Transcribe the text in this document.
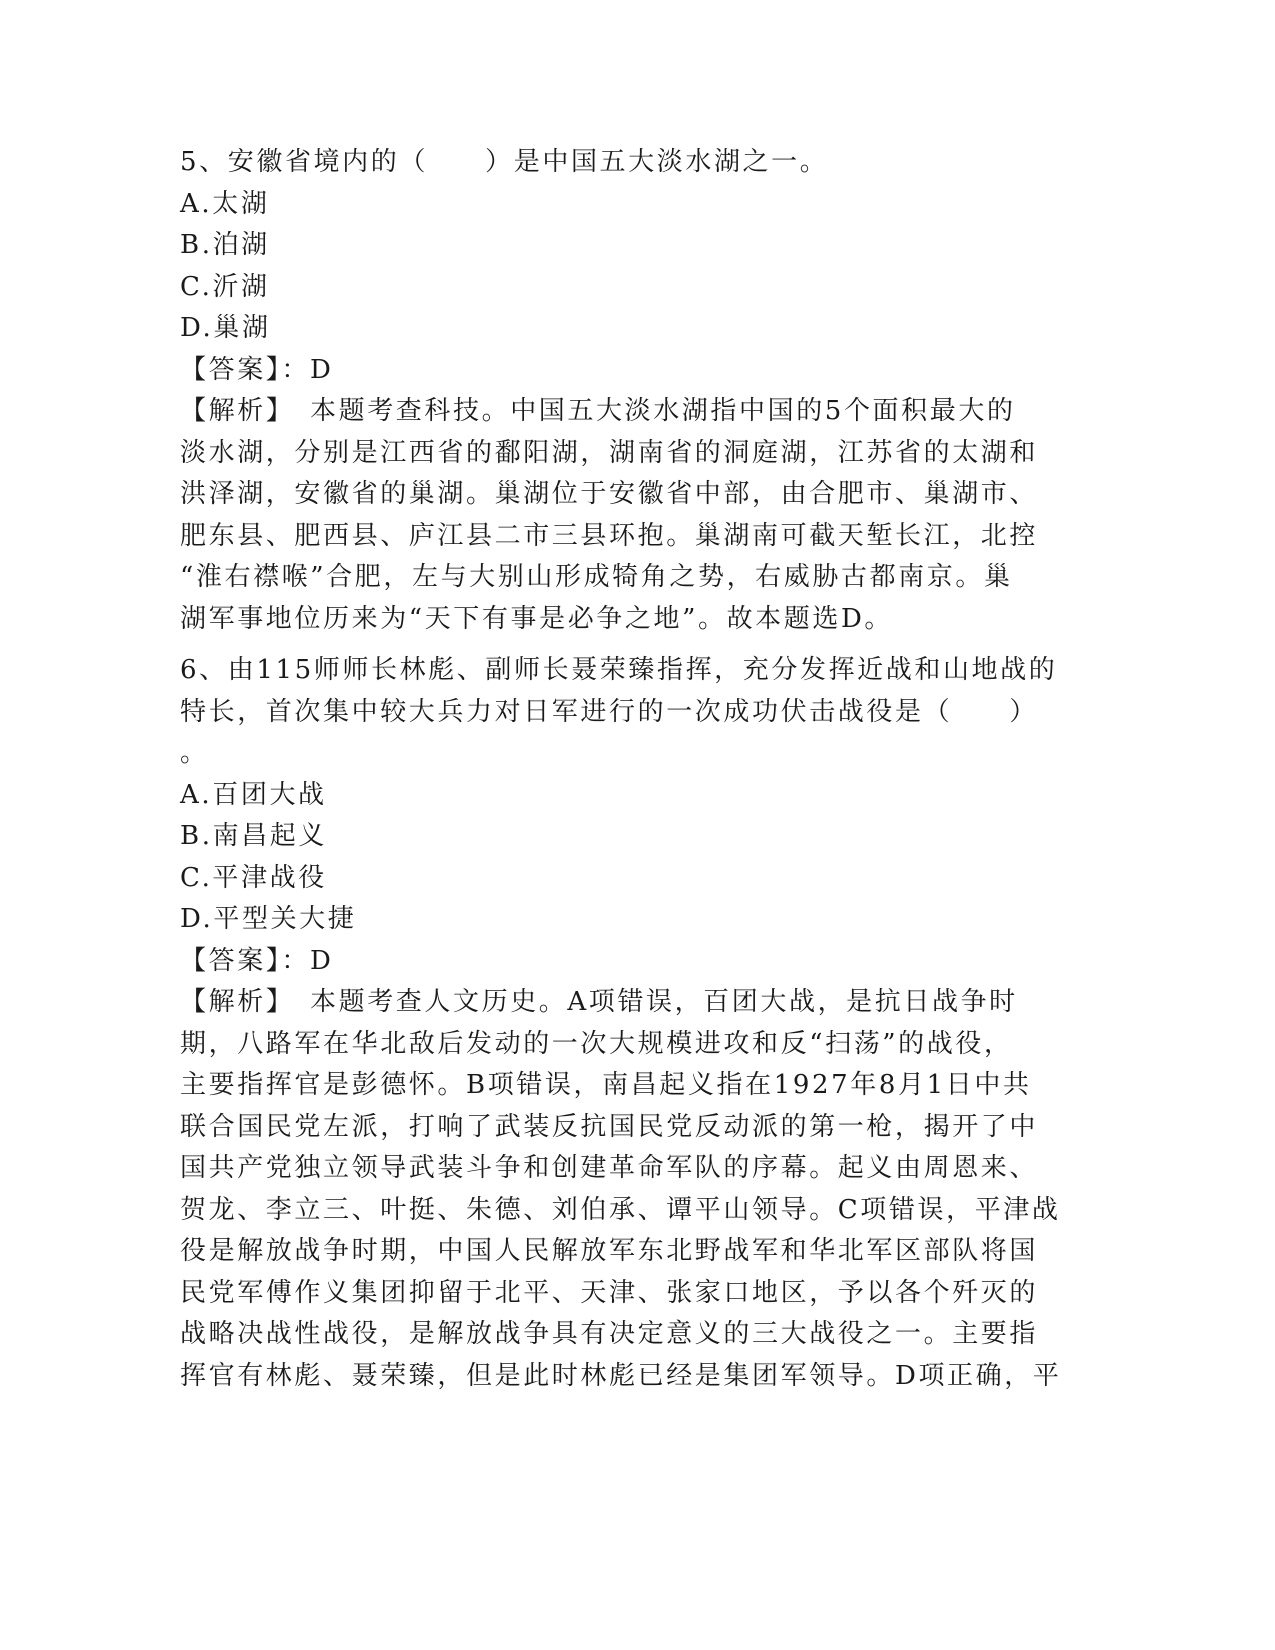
5、安徽省境内的（　　）是中国五大淡水湖之一。
A.太湖
B.泊湖
C.沂湖
D.巢湖
【答案】：D
【解析】　本题考查科技。中国五大淡水湖指中国的5个面积最大的
淡水湖，分别是江西省的鄱阳湖，湖南省的洞庭湖，江苏省的太湖和
洪泽湖，安徽省的巢湖。巢湖位于安徽省中部，由合肥市、巢湖市、
肥东县、肥西县、庐江县二市三县环抱。巢湖南可截天堑长江，北控
“淮右襟喉”合肥，左与大别山形成犄角之势，右威胁古都南京。巢
湖军事地位历来为“天下有事是必争之地”。故本题选D。
6、由115师师长林彪、副师长聂荣臻指挥，充分发挥近战和山地战的
特长，首次集中较大兵力对日军进行的一次成功伏击战役是（　　）
。
A.百团大战
B.南昌起义
C.平津战役
D.平型关大捷
【答案】：D
【解析】　本题考查人文历史。A项错误，百团大战，是抗日战争时
期，八路军在华北敌后发动的一次大规模进攻和反“扫荡”的战役，
主要指挥官是彭德怀。B项错误，南昌起义指在1927年8月1日中共
联合国民党左派，打响了武装反抗国民党反动派的第一枪，揭开了中
国共产党独立领导武装斗争和创建革命军队的序幕。起义由周恩来、
贺龙、李立三、叶挺、朱德、刘伯承、谭平山领导。C项错误，平津战
役是解放战争时期，中国人民解放军东北野战军和华北军区部队将国
民党军傅作义集团抑留于北平、天津、张家口地区，予以各个歼灭的
战略决战性战役，是解放战争具有决定意义的三大战役之一。主要指
挥官有林彪、聂荣臻，但是此时林彪已经是集团军领导。D项正确，平
